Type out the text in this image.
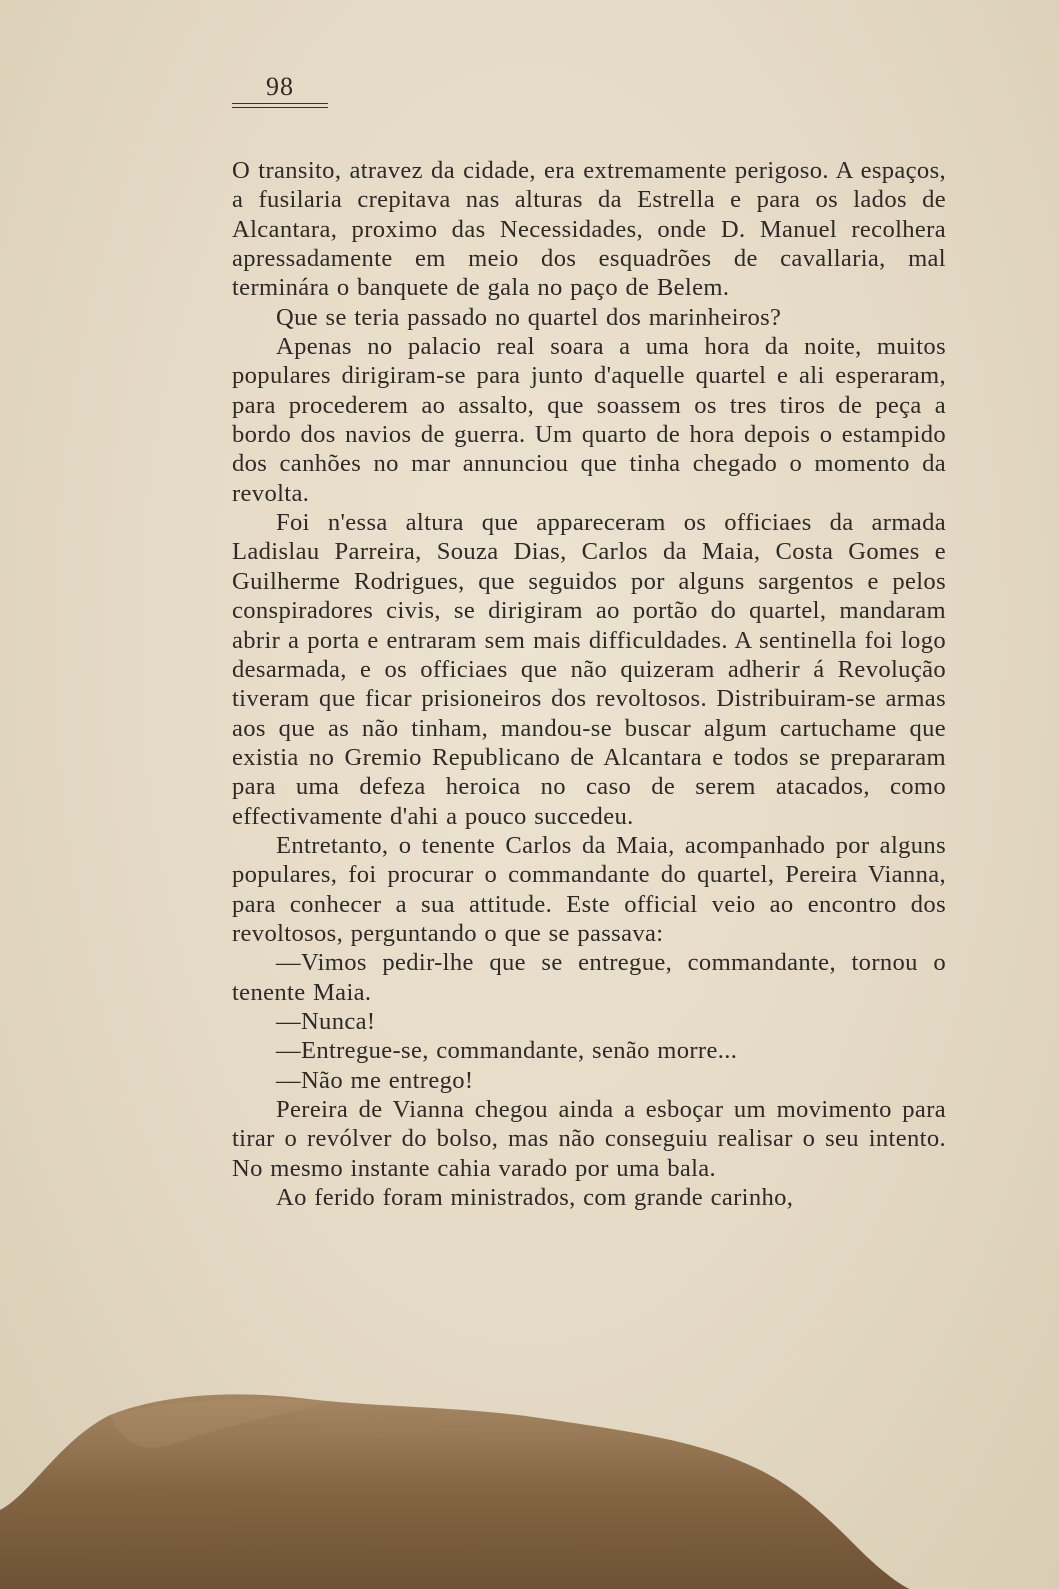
98

O transito, atravez da cidade, era extremamente perigoso. A espaços, a fusilaria crepitava nas alturas da Estrella e para os lados de Alcantara, proximo das Necessidades, onde D. Manuel recolhera apressadamente em meio dos esquadrões de cavallaria, mal terminára o banquete de gala no paço de Belem.

Que se teria passado no quartel dos marinheiros?

Apenas no palacio real soara a uma hora da noite, muitos populares dirigiram-se para junto d'aquelle quartel e ali esperaram, para procederem ao assalto, que soassem os tres tiros de peça a bordo dos navios de guerra. Um quarto de hora depois o estampido dos canhões no mar annunciou que tinha chegado o momento da revolta.

Foi n'essa altura que appareceram os officiaes da armada Ladislau Parreira, Souza Dias, Carlos da Maia, Costa Gomes e Guilherme Rodrigues, que seguidos por alguns sargentos e pelos conspiradores civis, se dirigiram ao portão do quartel, mandaram abrir a porta e entraram sem mais difficuldades. A sentinella foi logo desarmada, e os officiaes que não quizeram adherir á Revolução tiveram que ficar prisioneiros dos revoltosos. Distribuiram-se armas aos que as não tinham, mandou-se buscar algum cartuchame que existia no Gremio Republicano de Alcantara e todos se prepararam para uma defeza heroica no caso de serem atacados, como effectivamente d'ahi a pouco succedeu.

Entretanto, o tenente Carlos da Maia, acompanhado por alguns populares, foi procurar o commandante do quartel, Pereira Vianna, para conhecer a sua attitude. Este official veio ao encontro dos revoltosos, perguntando o que se passava:

—Vimos pedir-lhe que se entregue, commandante, tornou o tenente Maia.

—Nunca!

—Entregue-se, commandante, senão morre...

—Não me entrego!

Pereira de Vianna chegou ainda a esboçar um movimento para tirar o revólver do bolso, mas não conseguiu realisar o seu intento. No mesmo instante cahia varado por uma bala.

Ao ferido foram ministrados, com grande carinho,
